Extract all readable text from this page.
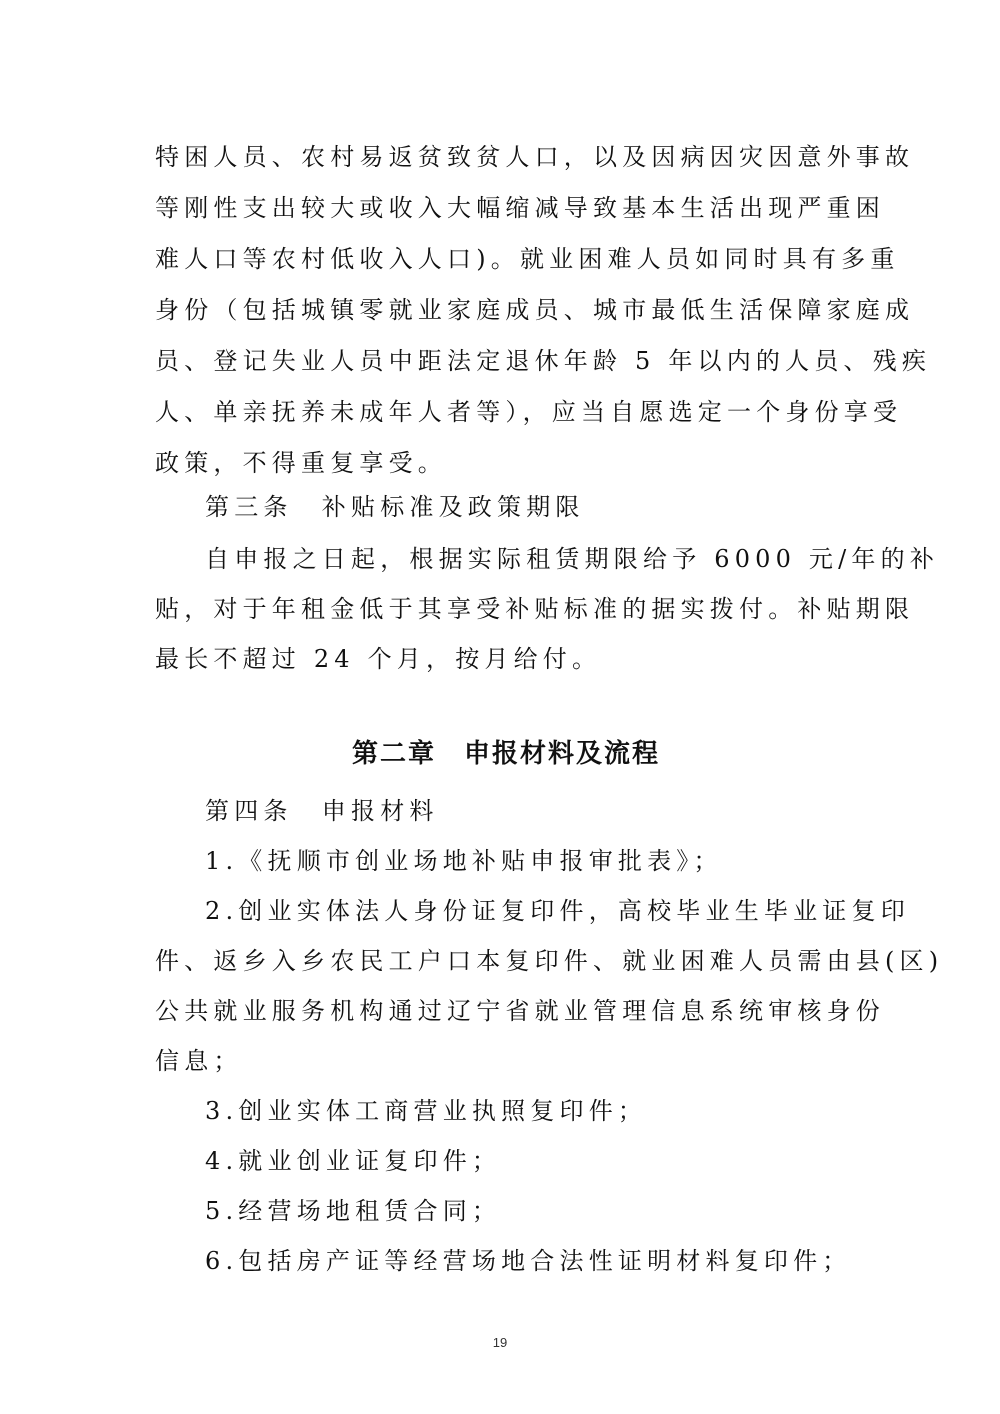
特困人员、农村易返贫致贫人口，以及因病因灾因意外事故
等刚性支出较大或收入大幅缩减导致基本生活出现严重困
难人口等农村低收入人口)。就业困难人员如同时具有多重
身份（包括城镇零就业家庭成员、城市最低生活保障家庭成
员、登记失业人员中距法定退休年龄 5 年以内的人员、残疾
人、单亲抚养未成年人者等），应当自愿选定一个身份享受
政策，不得重复享受。
第三条　补贴标准及政策期限
自申报之日起，根据实际租赁期限给予 6000 元/年的补
贴，对于年租金低于其享受补贴标准的据实拨付。补贴期限
最长不超过 24 个月，按月给付。
第二章　申报材料及流程
第四条　申报材料
1.《抚顺市创业场地补贴申报审批表》；
2.创业实体法人身份证复印件，高校毕业生毕业证复印
件、返乡入乡农民工户口本复印件、就业困难人员需由县(区)
公共就业服务机构通过辽宁省就业管理信息系统审核身份
信息；
3.创业实体工商营业执照复印件；
4.就业创业证复印件；
5.经营场地租赁合同；
6.包括房产证等经营场地合法性证明材料复印件；
19
